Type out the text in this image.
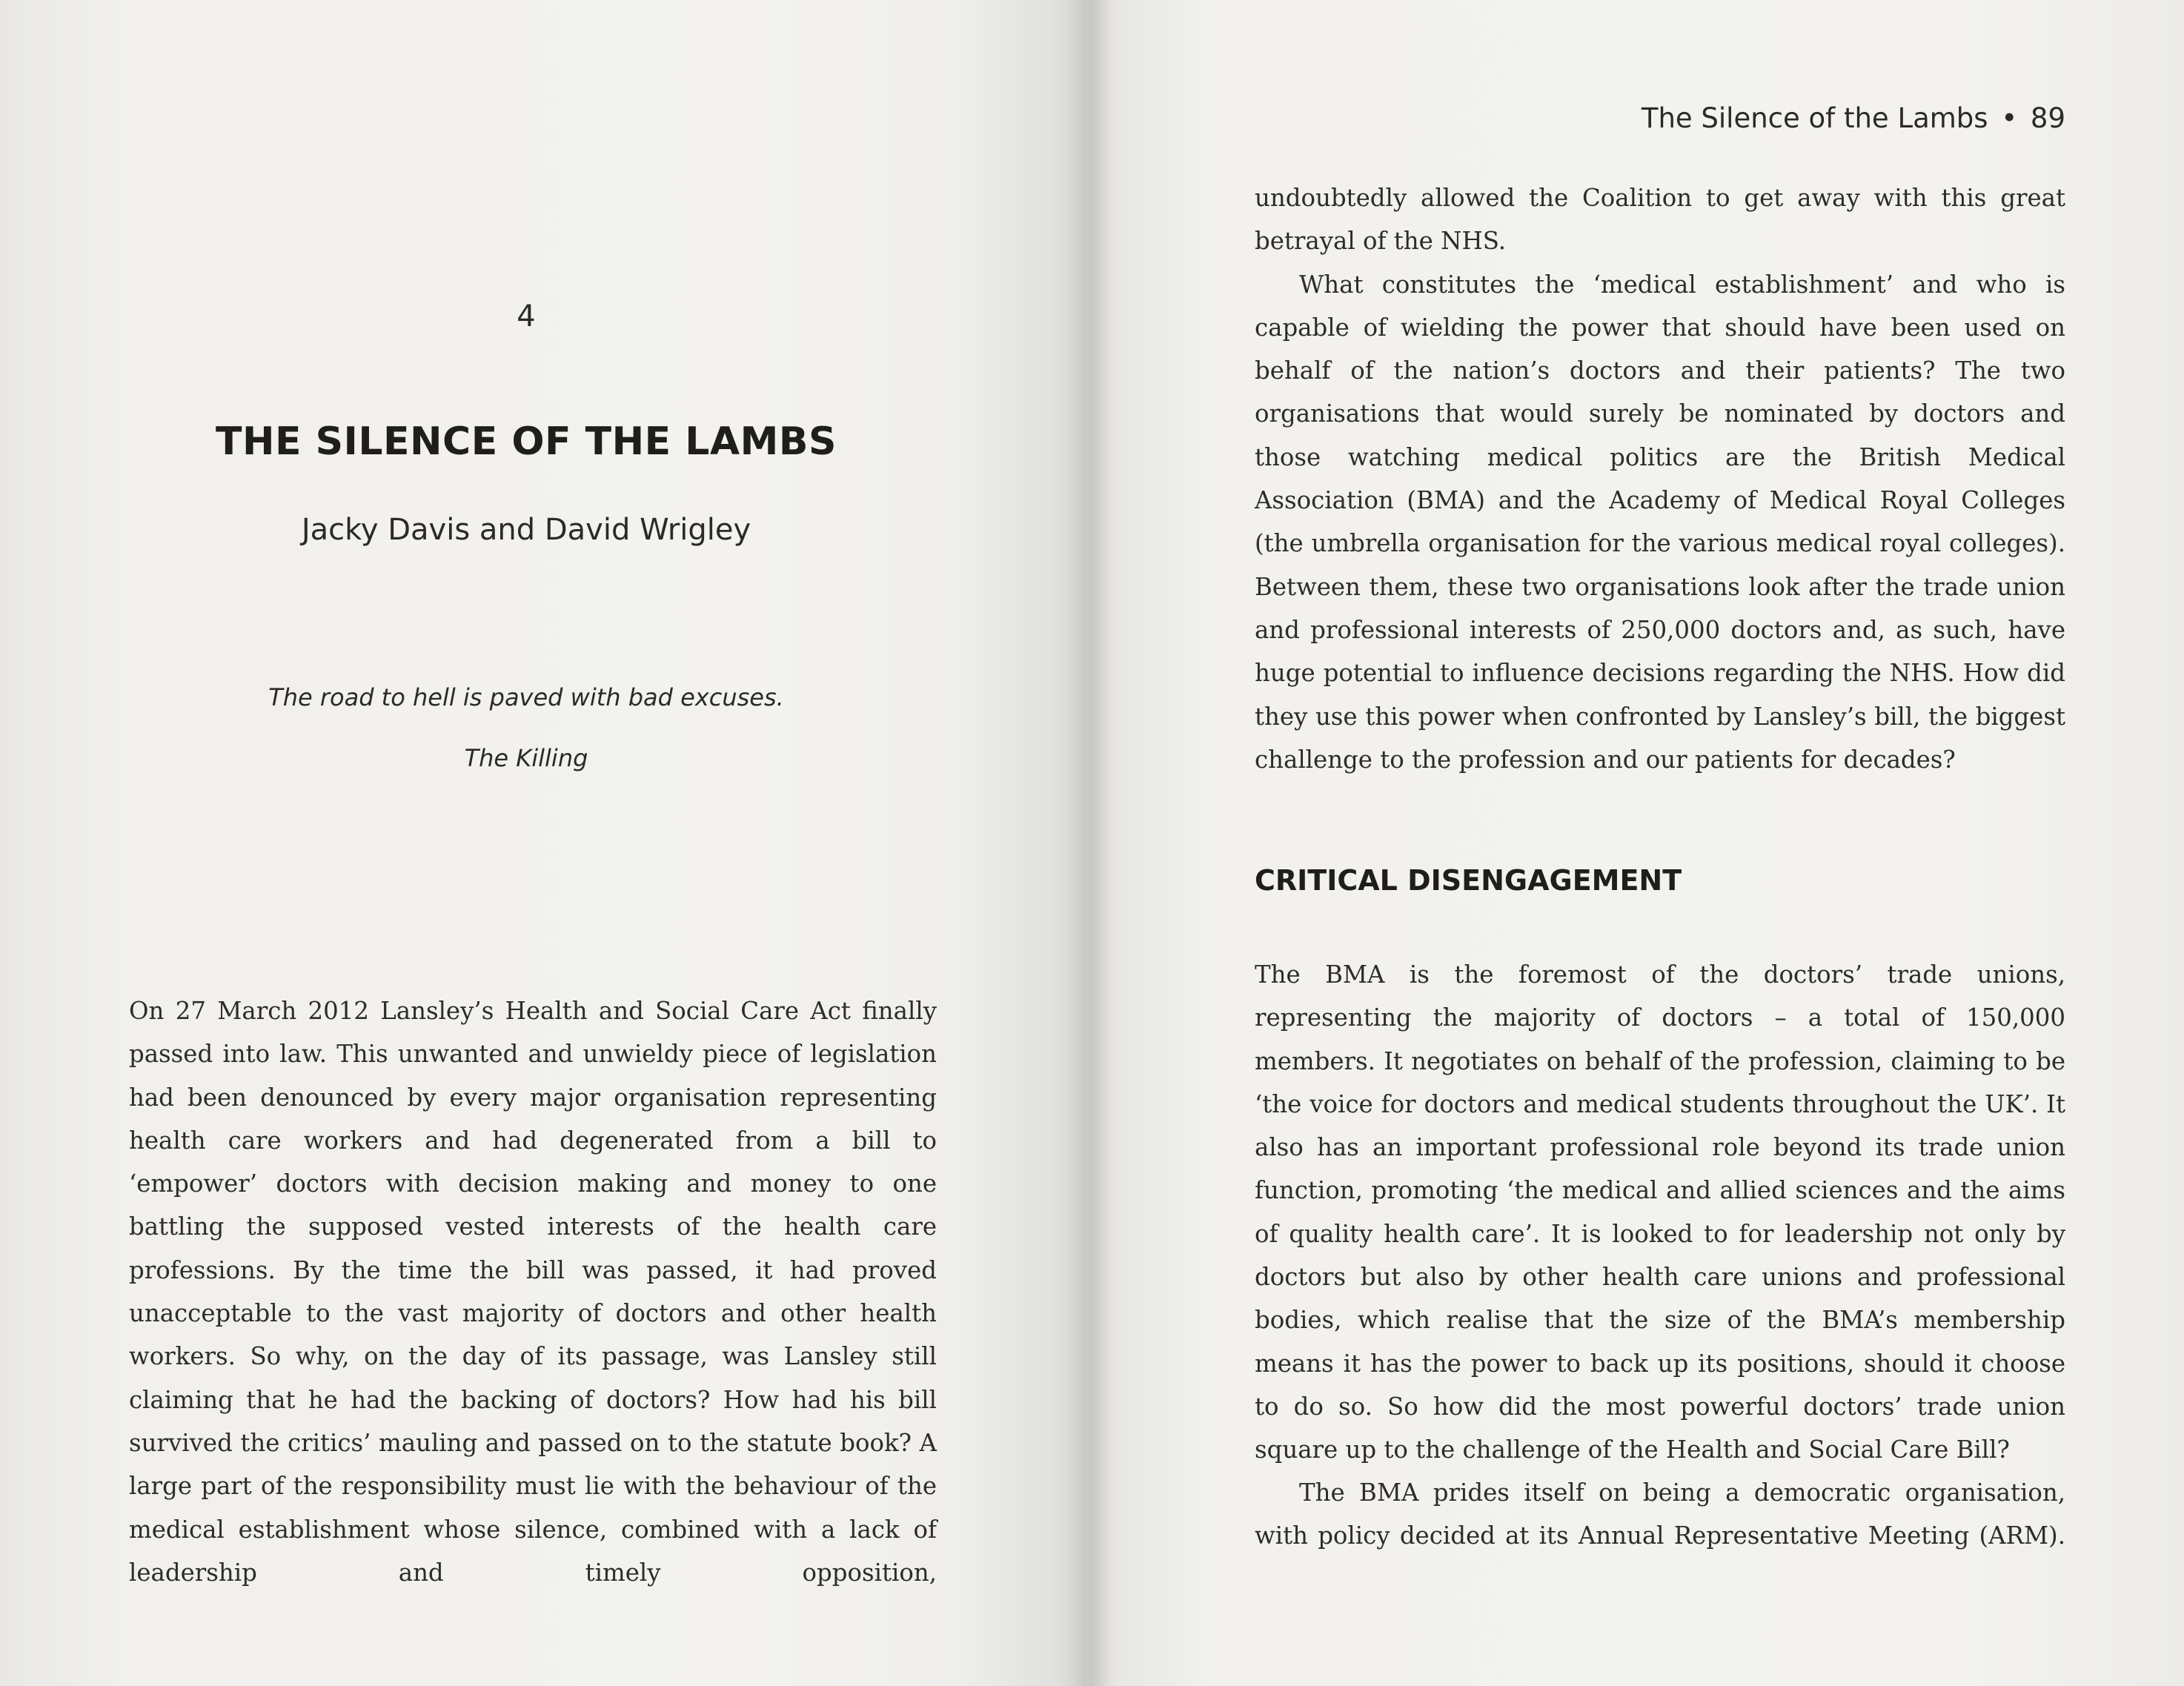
4
THE SILENCE OF THE LAMBS
Jacky Davis and David Wrigley
The road to hell is paved with bad excuses.
The Killing

On 27 March 2012 Lansley’s Health and Social Care Act finally passed into law. This unwanted and unwieldy piece of legislation had been denounced by every major organisation representing health care workers and had degenerated from a bill to ‘empower’ doctors with decision making and money to one battling the supposed vested interests of the health care professions. By the time the bill was passed, it had proved unacceptable to the vast majority of doctors and other health workers. So why, on the day of its passage, was Lansley still claiming that he had the backing of doctors? How had his bill survived the critics’ mauling and passed on to the statute book? A large part of the responsibility must lie with the behaviour of the medical establishment whose silence, combined with a lack of leadership and timely opposition,

The Silence of the Lambs • 89

undoubtedly allowed the Coalition to get away with this great betrayal of the NHS.

What constitutes the ‘medical establishment’ and who is capable of wielding the power that should have been used on behalf of the nation’s doctors and their patients? The two organisations that would surely be nominated by doctors and those watching medical politics are the British Medical Association (BMA) and the Academy of Medical Royal Colleges (the umbrella organisation for the various medical royal colleges). Between them, these two organisations look after the trade union and professional interests of 250,000 doctors and, as such, have huge potential to influence decisions regarding the NHS. How did they use this power when confronted by Lansley’s bill, the biggest challenge to the profession and our patients for decades?

CRITICAL DISENGAGEMENT

The BMA is the foremost of the doctors’ trade unions, representing the majority of doctors – a total of 150,000 members. It negotiates on behalf of the profession, claiming to be ‘the voice for doctors and medical students throughout the UK’. It also has an important professional role beyond its trade union function, promoting ‘the medical and allied sciences and the aims of quality health care’. It is looked to for leadership not only by doctors but also by other health care unions and professional bodies, which realise that the size of the BMA’s membership means it has the power to back up its positions, should it choose to do so. So how did the most powerful doctors’ trade union square up to the challenge of the Health and Social Care Bill?

The BMA prides itself on being a democratic organisation, with policy decided at its Annual Representative Meeting (ARM).
